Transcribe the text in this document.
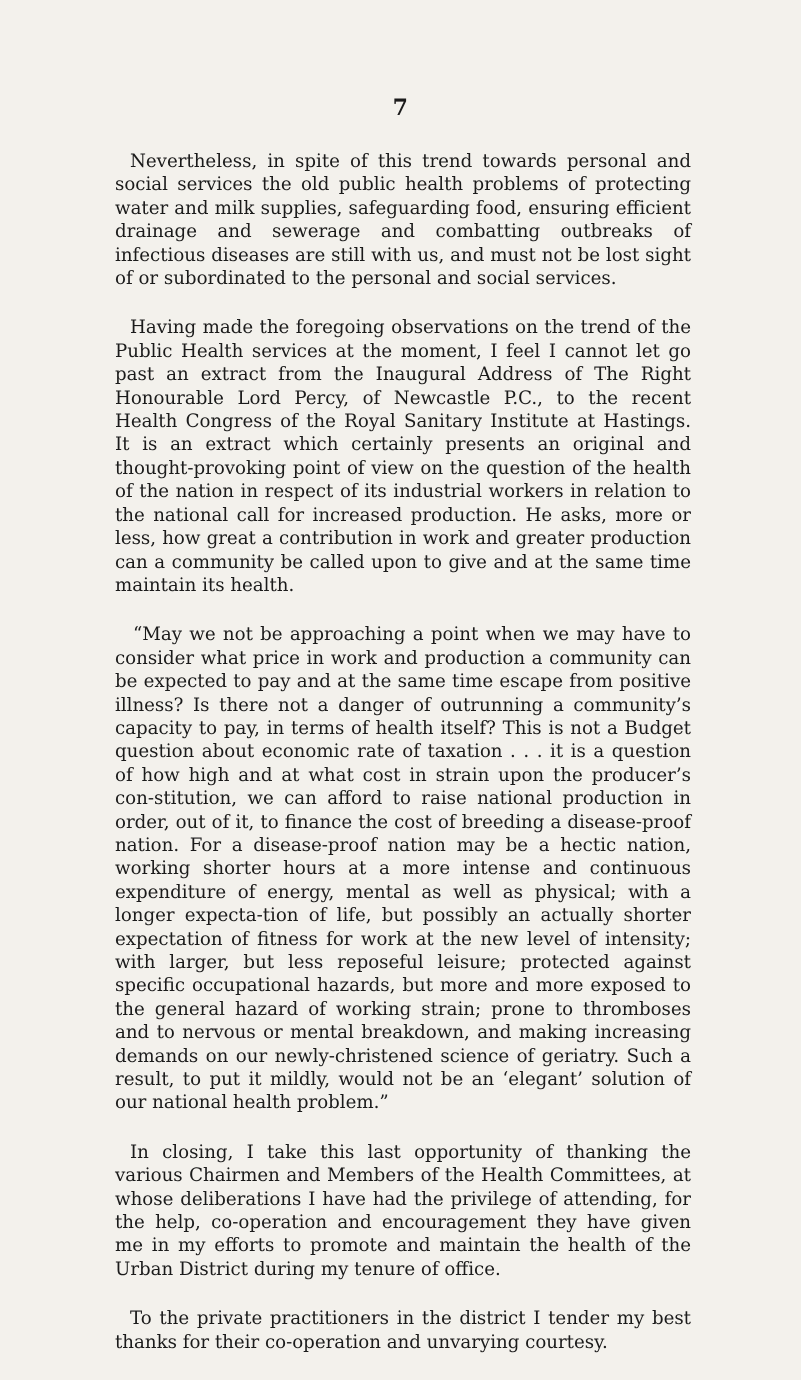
7

Nevertheless, in spite of this trend towards personal and social services the old public health problems of protecting water and milk supplies, safeguarding food, ensuring efficient drainage and sewerage and combatting outbreaks of infectious diseases are still with us, and must not be lost sight of or subordinated to the personal and social services.

Having made the foregoing observations on the trend of the Public Health services at the moment, I feel I cannot let go past an extract from the Inaugural Address of The Right Honourable Lord Percy, of Newcastle P.C., to the recent Health Congress of the Royal Sanitary Institute at Hastings. It is an extract which certainly presents an original and thought-provoking point of view on the question of the health of the nation in respect of its industrial workers in relation to the national call for increased production. He asks, more or less, how great a contribution in work and greater production can a community be called upon to give and at the same time maintain its health.

“May we not be approaching a point when we may have to consider what price in work and production a community can be expected to pay and at the same time escape from positive illness? Is there not a danger of outrunning a community’s capacity to pay, in terms of health itself? This is not a Budget question about economic rate of taxation . . . it is a question of how high and at what cost in strain upon the producer’s con-stitution, we can afford to raise national production in order, out of it, to finance the cost of breeding a disease-proof nation. For a disease-proof nation may be a hectic nation, working shorter hours at a more intense and continuous expenditure of energy, mental as well as physical; with a longer expecta-tion of life, but possibly an actually shorter expectation of fitness for work at the new level of intensity; with larger, but less reposeful leisure; protected against specific occupational hazards, but more and more exposed to the general hazard of working strain; prone to thromboses and to nervous or mental breakdown, and making increasing demands on our newly-christened science of geriatry. Such a result, to put it mildly, would not be an ‘elegant’ solution of our national health problem.”

In closing, I take this last opportunity of thanking the various Chairmen and Members of the Health Committees, at whose deliberations I have had the privilege of attending, for the help, co-operation and encouragement they have given me in my efforts to promote and maintain the health of the Urban District during my tenure of office.

To the private practitioners in the district I tender my best thanks for their co-operation and unvarying courtesy.
